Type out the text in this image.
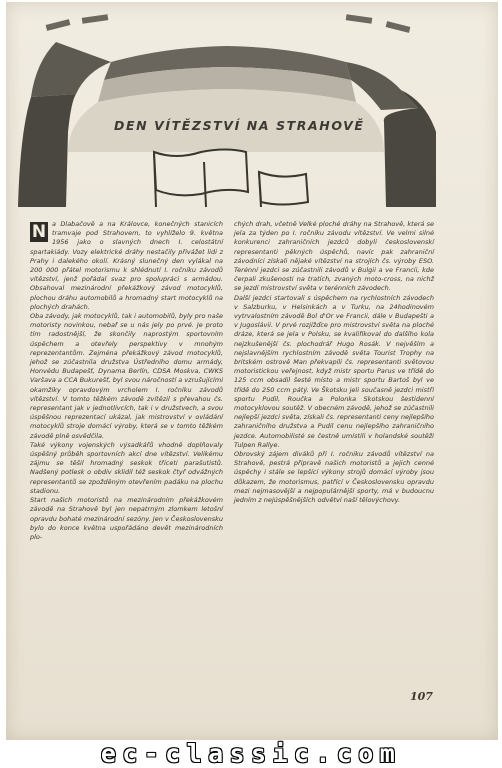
DEN VÍTĚZSTVÍ NA STRAHOVĚ
N a Dlabačově a na Královce, konečných stanicích tramvaje pod Strahovem, to vyhlíželo 9. května 1956 jako o slavných dnech I. celostátní spartakiády. Vozy elektrické dráhy nestačily přivážet lidi z Prahy i dalekého okolí. Krásný slunečný den vylákal na 200 000 přátel motorismu k shlédnutí I. ročníku závodů vítězství, jenž pořádal svaz pro spolupráci s armádou. Obsahoval mezinárodní překážkový závod motocyklů, plochou dráhu automobilů a hromadný start motocyklů na plochých drahách.

Oba závody, jak motocyklů, tak i automobilů, byly pro naše motoristy novinkou, nebaf se u nás jely po prvé. Je proto tím radostnější, že skončily naprostým sportovním úspěchem a otevřely perspektivy v mnohým reprezentantům. Zejména překážkový závod motocyklů, jehož se zúčastnila družstva Ústředního domu armády, Honvédu Budapešť, Dynama Berlín, CDSA Moskva, CWKS Varšava a CCA Bukurešť, byl svou náročností a vzrušujícími okamžiky opravdovým vrcholem I. ročníku závodů vítězství. V tomto těžkém závodě zvítězil s převahou čs. representant jak v jednotlivcích, tak i v družstvech, a svou úspěšnou reprezentací ukázal, jak mistrovství v ovládání motocyklů stroje domácí výroby, která se v tomto těžkém závodě plně osvědčila.

Také výkony vojenských výsadkářů vhodně doplňovaly úspěšný průběh sportovních akcí dne vítězství. Velikému zájmu se těšil hromadný seskok třiceti parašutistů. Nadšený potlesk o obdiv sklidil též seskok čtyř odvážných representantů se zpožděným otevřením padáku na plochu stadionu.

Start našich motoristů na mezinárodním překážkovém závodě na Strahově byl jen nepatrným zlomkem letošní opravdu bohaté mezinárodní sezóny. Jen v Československu bylo do konce května uspořádáno devět mezinárodních plo-

chých drah, včetně Velké ploché dráhy na Strahově, která se jela za týden po I. ročníku závodu vítězství. Ve velmi silné konkurenci zahraničních jezdců dobyli československí representanti pěkných úspěchů, navíc pak zahraniční závodníci získali nějaké vítězství na strojích čs. výroby ESO. Terénní jezdci se zúčastnili závodů v Bulgii a ve Francii, kde čerpali zkušenosti na tratích, zvaných moto-cross, na nichž se jezdí mistrovství světa v terénních závodech.

Další jezdci startovali s úspěchem na rychlostních závodech v Salzburku, v Helsinkách a v Turku, na 24hodinovém vytrvalostním závodě Bol d'Or ve Francii, dále v Budapešti a v Jugoslávii. V prvé rozjížďce pro mistrovství světa na ploché dráze, která se jela v Polsku, se kvalifikoval do dalšího kola nejzkušenější čs. plochodrář Hugo Rosák. V nejvěším a nejslavnějším rychlostním závodě světa Tourist Trophy na britském ostrově Man překvapili čs. representanti světovou motoristickou veřejnost, když mistr sportu Parus ve třídě do 125 ccm obsadil šesté místo a mistr sportu Bartoš byl ve třídě do 250 ccm pátý. Ve Škotsku jeli současně jezdci mistři sportu Pudil, Roučka a Polonka Skotskou šestidenní motocyklovou soutěž. V obecném závodě, jehož se zúčastnili nejlepší jezdci světa, získali čs. representanti ceny nejlepšího zahraničního družstva a Pudil cenu nejlepšího zahraničního jezdce. Automobilisté se čestně umístili v holandské soutěži Tulpen Rallye.

Obrovský zájem diváků při I. ročníku závodů vítězství na Strahově, pestrá připravě našich motoristů a jejich cenné úspěchy i stále se lepšící výkony strojů domácí výroby jsou důkazem, že motorismus, patřící v Československu opravdu mezi nejmasovější a nejpopulárnější sporty, má v budoucnu jedním z nejúspěšnějších odvětví naší tělovýchovy.

107
ec-classic.com
